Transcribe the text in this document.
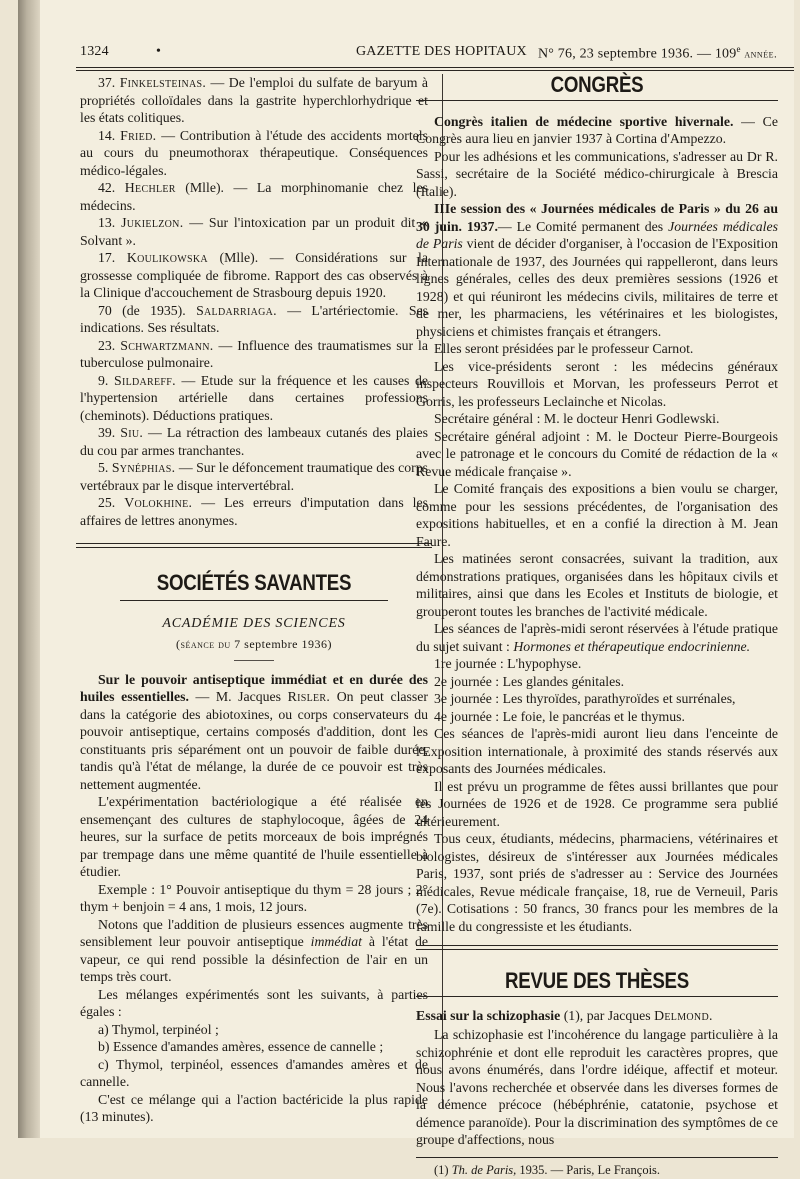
1324	•	GAZETTE DES HOPITAUX N° 76, 23 septembre 1936. — 109e année.

37. Finkelsteinas. — De l'emploi du sulfate de baryum à propriétés colloïdales dans la gastrite hyperchlorhydrique et les états colitiques.

14. Fried. — Contribution à l'étude des accidents mortels au cours du pneumothorax thérapeutique. Conséquences médico-légales.

42. Hechler (Mlle). — La morphinomanie chez les médecins.

13. Jukielzon. — Sur l'intoxication par un produit dit « Solvant ».

17. Koulikowska (Mlle). — Considérations sur la grossesse compliquée de fibrome. Rapport des cas observés à la Clinique d'accouchement de Strasbourg depuis 1920.

70 (de 1935). Saldarriaga. — L'artériectomie. Ses indications. Ses résultats.

23. Schwartzmann. — Influence des traumatismes sur la tuberculose pulmonaire.

9. Sildareff. — Etude sur la fréquence et les causes de l'hypertension artérielle dans certaines professions (cheminots). Déductions pratiques.

39. Siu. — La rétraction des lambeaux cutanés des plaies du cou par armes tranchantes.

5. Synéphias. — Sur le défoncement traumatique des corps vertébraux par le disque intervertébral.

25. Volokhine. — Les erreurs d'imputation dans les affaires de lettres anonymes.

SOCIÉTÉS SAVANTES
ACADÉMIE DES SCIENCES
(séance du 7 septembre 1936)

Sur le pouvoir antiseptique immédiat et en durée des huiles essentielles. — M. Jacques Risler. On peut classer dans la catégorie des abiotoxines, ou corps conservateurs du pouvoir antiseptique, certains composés d'addition, dont les constituants pris séparément ont un pouvoir de faible durée, tandis qu'à l'état de mélange, la durée de ce pouvoir est très nettement augmentée.

L'expérimentation bactériologique a été réalisée en ensemençant des cultures de staphylocoque, âgées de 24 heures, sur la surface de petits morceaux de bois imprégnés par trempage dans une même quantité de l'huile essentielle à étudier.

Exemple : 1° Pouvoir antiseptique du thym = 28 jours ; 2° thym + benjoin = 4 ans, 1 mois, 12 jours.

Notons que l'addition de plusieurs essences augmente très sensiblement leur pouvoir antiseptique immédiat à l'état de vapeur, ce qui rend possible la désinfection de l'air en un temps très court.

Les mélanges expérimentés sont les suivants, à parties égales :

a) Thymol, terpinéol ;

b) Essence d'amandes amères, essence de cannelle ;

c) Thymol, terpinéol, essences d'amandes amères et de cannelle.

C'est ce mélange qui a l'action bactéricide la plus rapide (13 minutes).

CONGRÈS

Congrès italien de médecine sportive hivernale. — Ce Congrès aura lieu en janvier 1937 à Cortina d'Ampezzo.

Pour les adhésions et les communications, s'adresser au Dr R. Sassi, secrétaire de la Société médico-chirurgicale à Brescia (Italie).

IIIe session des « Journées médicales de Paris » du 26 au 30 juin. 1937.— Le Comité permanent des Journées médicales de Paris vient de décider d'organiser, à l'occasion de l'Exposition Internationale de 1937, des Journées qui rappelleront, dans leurs lignes générales, celles des deux premières sessions (1926 et 1928) et qui réuniront les médecins civils, militaires de terre et de mer, les pharmaciens, les vétérinaires et les biologistes, physiciens et chimistes français et étrangers.

Elles seront présidées par le professeur Carnot.

Les vice-présidents seront : les médecins généraux inspecteurs Rouvillois et Morvan, les professeurs Perrot et Gorris, les professeurs Leclainche et Nicolas.

Secrétaire général : M. le docteur Henri Godlewski.

Secrétaire général adjoint : M. le Docteur Pierre-Bourgeois avec le patronage et le concours du Comité de rédaction de la « Revue médicale française ».

Le Comité français des expositions a bien voulu se charger, comme pour les sessions précédentes, de l'organisation des expositions habituelles, et en a confié la direction à M. Jean Faure.

Les matinées seront consacrées, suivant la tradition, aux démonstrations pratiques, organisées dans les hôpitaux civils et militaires, ainsi que dans les Ecoles et Instituts de biologie, et grouperont toutes les branches de l'activité médicale.

Les séances de l'après-midi seront réservées à l'étude pratique du sujet suivant : Hormones et thérapeutique endocrinienne.

1re journée : L'hypophyse.

2e journée : Les glandes génitales.

3e journée : Les thyroïdes, parathyroïdes et surrénales,

4e journée : Le foie, le pancréas et le thymus.

Ces séances de l'après-midi auront lieu dans l'enceinte de l'Exposition internationale, à proximité des stands réservés aux exposants des Journées médicales.

Il est prévu un programme de fêtes aussi brillantes que pour les Journées de 1926 et de 1928. Ce programme sera publié ultérieurement.

Tous ceux, étudiants, médecins, pharmaciens, vétérinaires et biologistes, désireux de s'intéresser aux Journées médicales Paris, 1937, sont priés de s'adresser au : Service des Journées médicales, Revue médicale française, 18, rue de Verneuil, Paris (7e). Cotisations : 50 francs, 30 francs pour les membres de la famille du congressiste et les étudiants.

REVUE DES THÈSES

Essai sur la schizophasie (1), par Jacques Delmond.

La schizophasie est l'incohérence du langage particulière à la schizophrénie et dont elle reproduit les caractères propres, que nous avons énumérés, dans l'ordre idéique, affectif et moteur. Nous l'avons recherchée et observée dans les diverses formes de la démence précoce (hébéphrénie, catatonie, psychose et démence paranoïde). Pour la discrimination des symptômes de ce groupe d'affections, nous

(1) Th. de Paris, 1935. — Paris, Le François.
